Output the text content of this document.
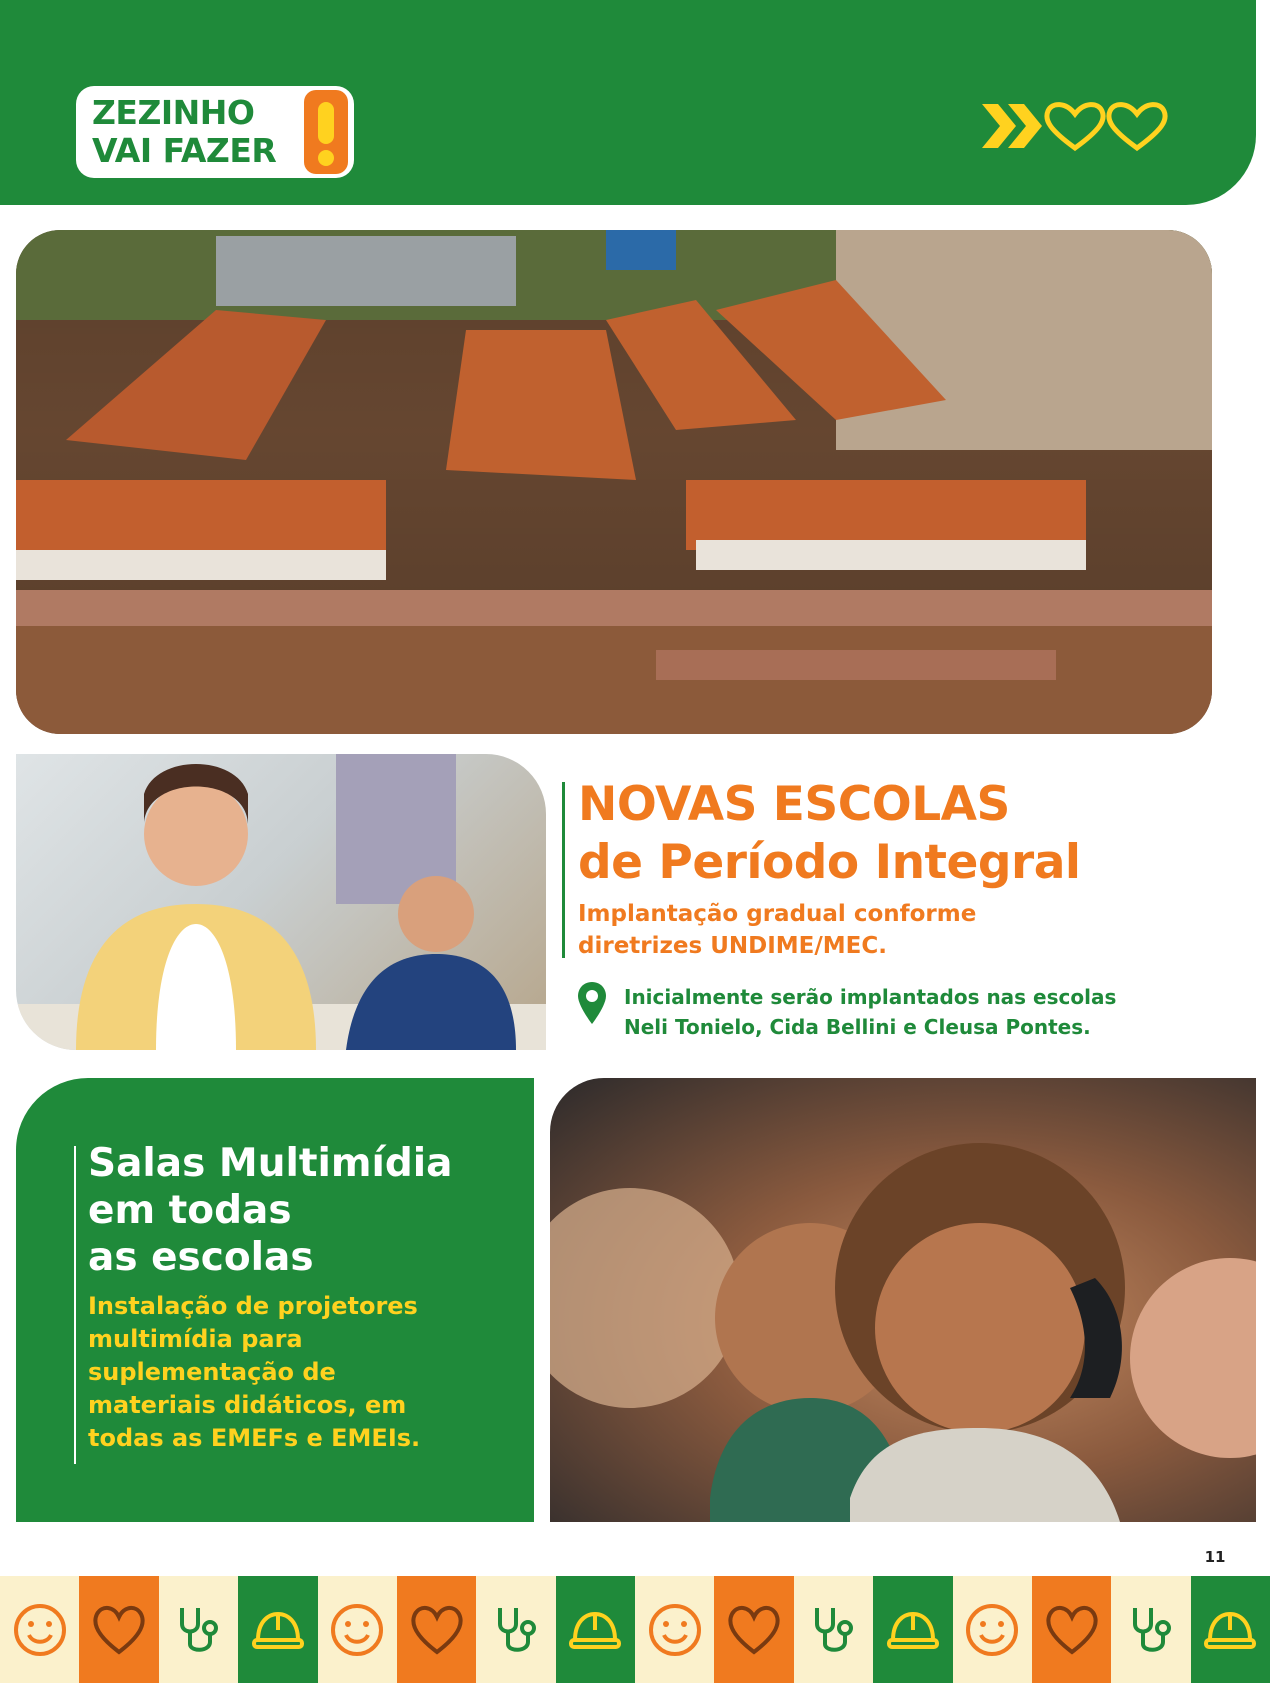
ZEZINHO
VAI FAZER
NOVAS ESCOLAS
de Período Integral
Implantação gradual conforme
diretrizes UNDIME/MEC.
Inicialmente serão implantados nas escolas
Neli Tonielo, Cida Bellini e Cleusa Pontes.
Salas Multimídia
em todas
as escolas
Instalação de projetores
multimídia para
suplementação de
materiais didáticos, em
todas as EMEFs e EMEIs.
11
